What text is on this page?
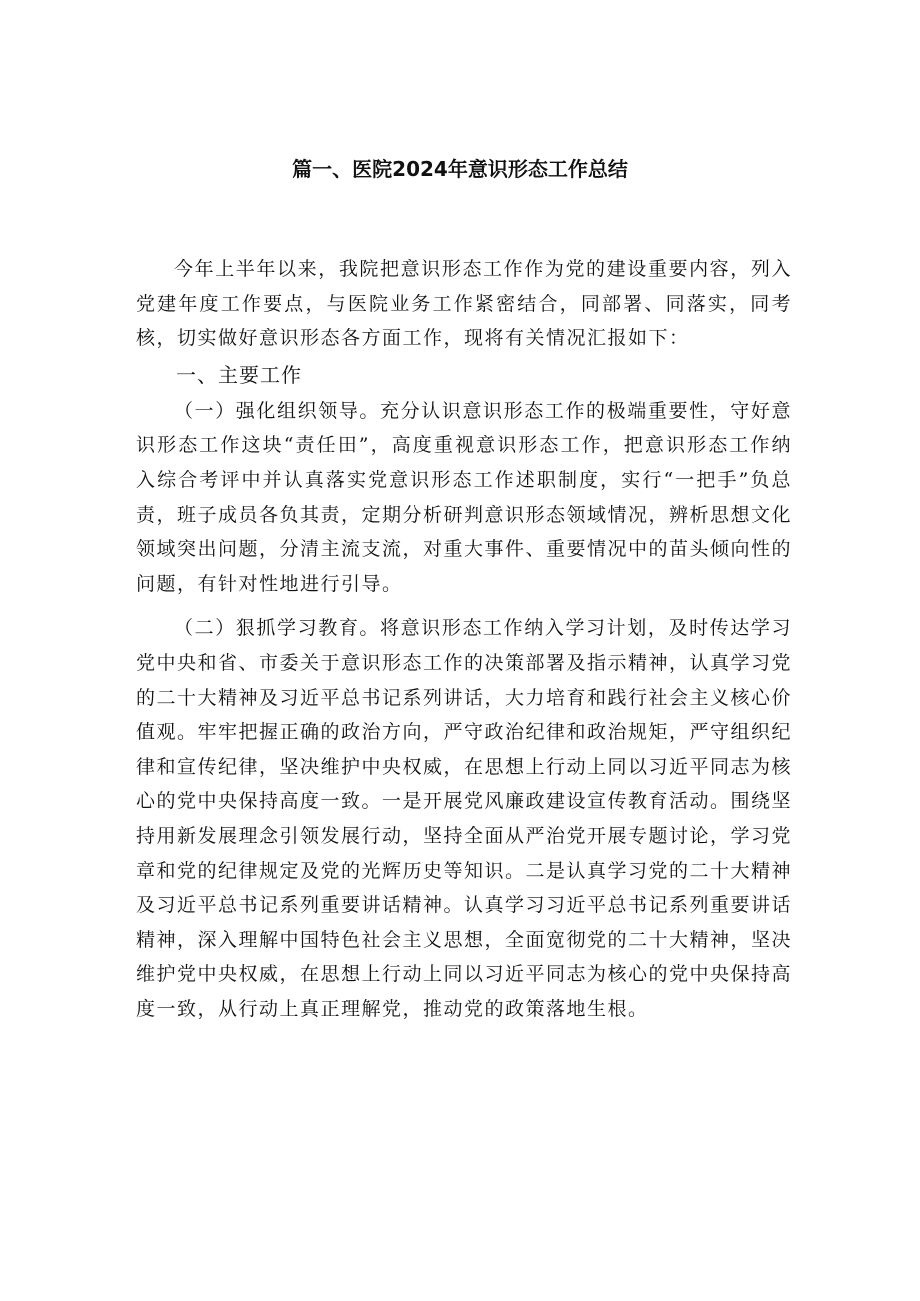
篇一、医院2024年意识形态工作总结

今年上半年以来，我院把意识形态工作作为党的建设重要内容，列入党建年度工作要点，与医院业务工作紧密结合，同部署、同落实，同考核，切实做好意识形态各方面工作，现将有关情况汇报如下：

一、主要工作

（一）强化组织领导。充分认识意识形态工作的极端重要性，守好意识形态工作这块“责任田”，高度重视意识形态工作，把意识形态工作纳入综合考评中并认真落实党意识形态工作述职制度，实行“一把手”负总责，班子成员各负其责，定期分析研判意识形态领域情况，辨析思想文化领域突出问题，分清主流支流，对重大事件、重要情况中的苗头倾向性的问题，有针对性地进行引导。

（二）狠抓学习教育。将意识形态工作纳入学习计划，及时传达学习党中央和省、市委关于意识形态工作的决策部署及指示精神，认真学习党的二十大精神及习近平总书记系列讲话，大力培育和践行社会主义核心价值观。牢牢把握正确的政治方向，严守政治纪律和政治规矩，严守组织纪律和宣传纪律，坚决维护中央权威，在思想上行动上同以习近平同志为核心的党中央保持高度一致。一是开展党风廉政建设宣传教育活动。围绕坚持用新发展理念引领发展行动，坚持全面从严治党开展专题讨论，学习党章和党的纪律规定及党的光辉历史等知识。二是认真学习党的二十大精神及习近平总书记系列重要讲话精神。认真学习习近平总书记系列重要讲话精神，深入理解中国特色社会主义思想，全面宽彻党的二十大精神，坚决维护党中央权威，在思想上行动上同以习近平同志为核心的党中央保持高度一致，从行动上真正理解党，推动党的政策落地生根。
